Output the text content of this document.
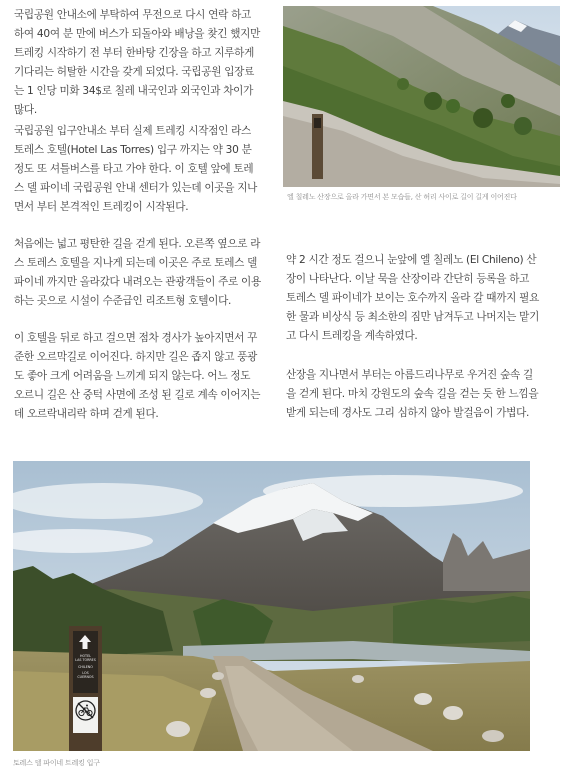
국립공원 안내소에 부탁하여 무전으로 다시 연락 하고 하여 40여 분 만에 버스가 되돌아와 배낭을 찾긴 했지만 트레킹 시작하기 전 부터 한바탕 긴장을 하고 지루하게 기다리는 허탈한 시간을 갖게 되었다. 국립공원 입장료는 1 인당 미화 34$로 칠레 내국인과 외국인과 차이가 많다.

국립공원 입구안내소 부터 실제 트레킹 시작점인 라스 토레스 호텔(Hotel Las Torres) 입구 까지는 약 30 분 정도 또 셔틀버스를 타고 가야 한다. 이 호텔 앞에 토레스 델 파이네 국립공원 안내 센터가 있는데 이곳을 지나면서 부터 본격적인 트레킹이 시작된다.

처음에는 넓고 평탄한 길을 걷게 된다. 오른쪽 옆으로 라스 토레스 호텔을 지나게 되는데 이곳은 주로 토레스 델 파이네 까지만 올라갔다 내려오는 관광객들이 주로 이용하는 곳으로 시설이 수준급인 리조트형 호텔이다.

이 호텔을 뒤로 하고 걸으면 점차 경사가 높아지면서 꾸준한 오르막길로 이어진다. 하지만 길은 좁지 않고 풍광도 좋아 크게 어려움을 느끼게 되지 않는다. 어느 정도 오르니 길은 산 중턱 사면에 조성 된 길로 계속 이어지는데 오르락내리락 하며 걷게 된다.

엘 칠레노 산장으로 올라 가면서 본 모습들, 산 허리 사이로 길이 길게 이어진다

약 2 시간 정도 걸으니 눈앞에 엘 칠레노 (El Chileno) 산장이 나타난다. 이날 묵을 산장이라 간단히 등록을 하고 토레스 델 파이네가 보이는 호수까지 올라 갈 때까지 필요한 물과 비상식 등 최소한의 짐만 남겨두고 나머지는 맡기고 다시 트레킹을 계속하였다.

산장을 지나면서 부터는 아름드리나무로 우거진 숲속 길을 걷게 된다. 마치 강원도의 숲속 길을 걷는 듯 한 느낌을 받게 되는데 경사도 그리 심하지 않아 발걸음이 가볍다.

HOTEL
LAS TORRES
CHILENO
LOS
CUERNOS
토레스 델 파이네 트레킹 입구
